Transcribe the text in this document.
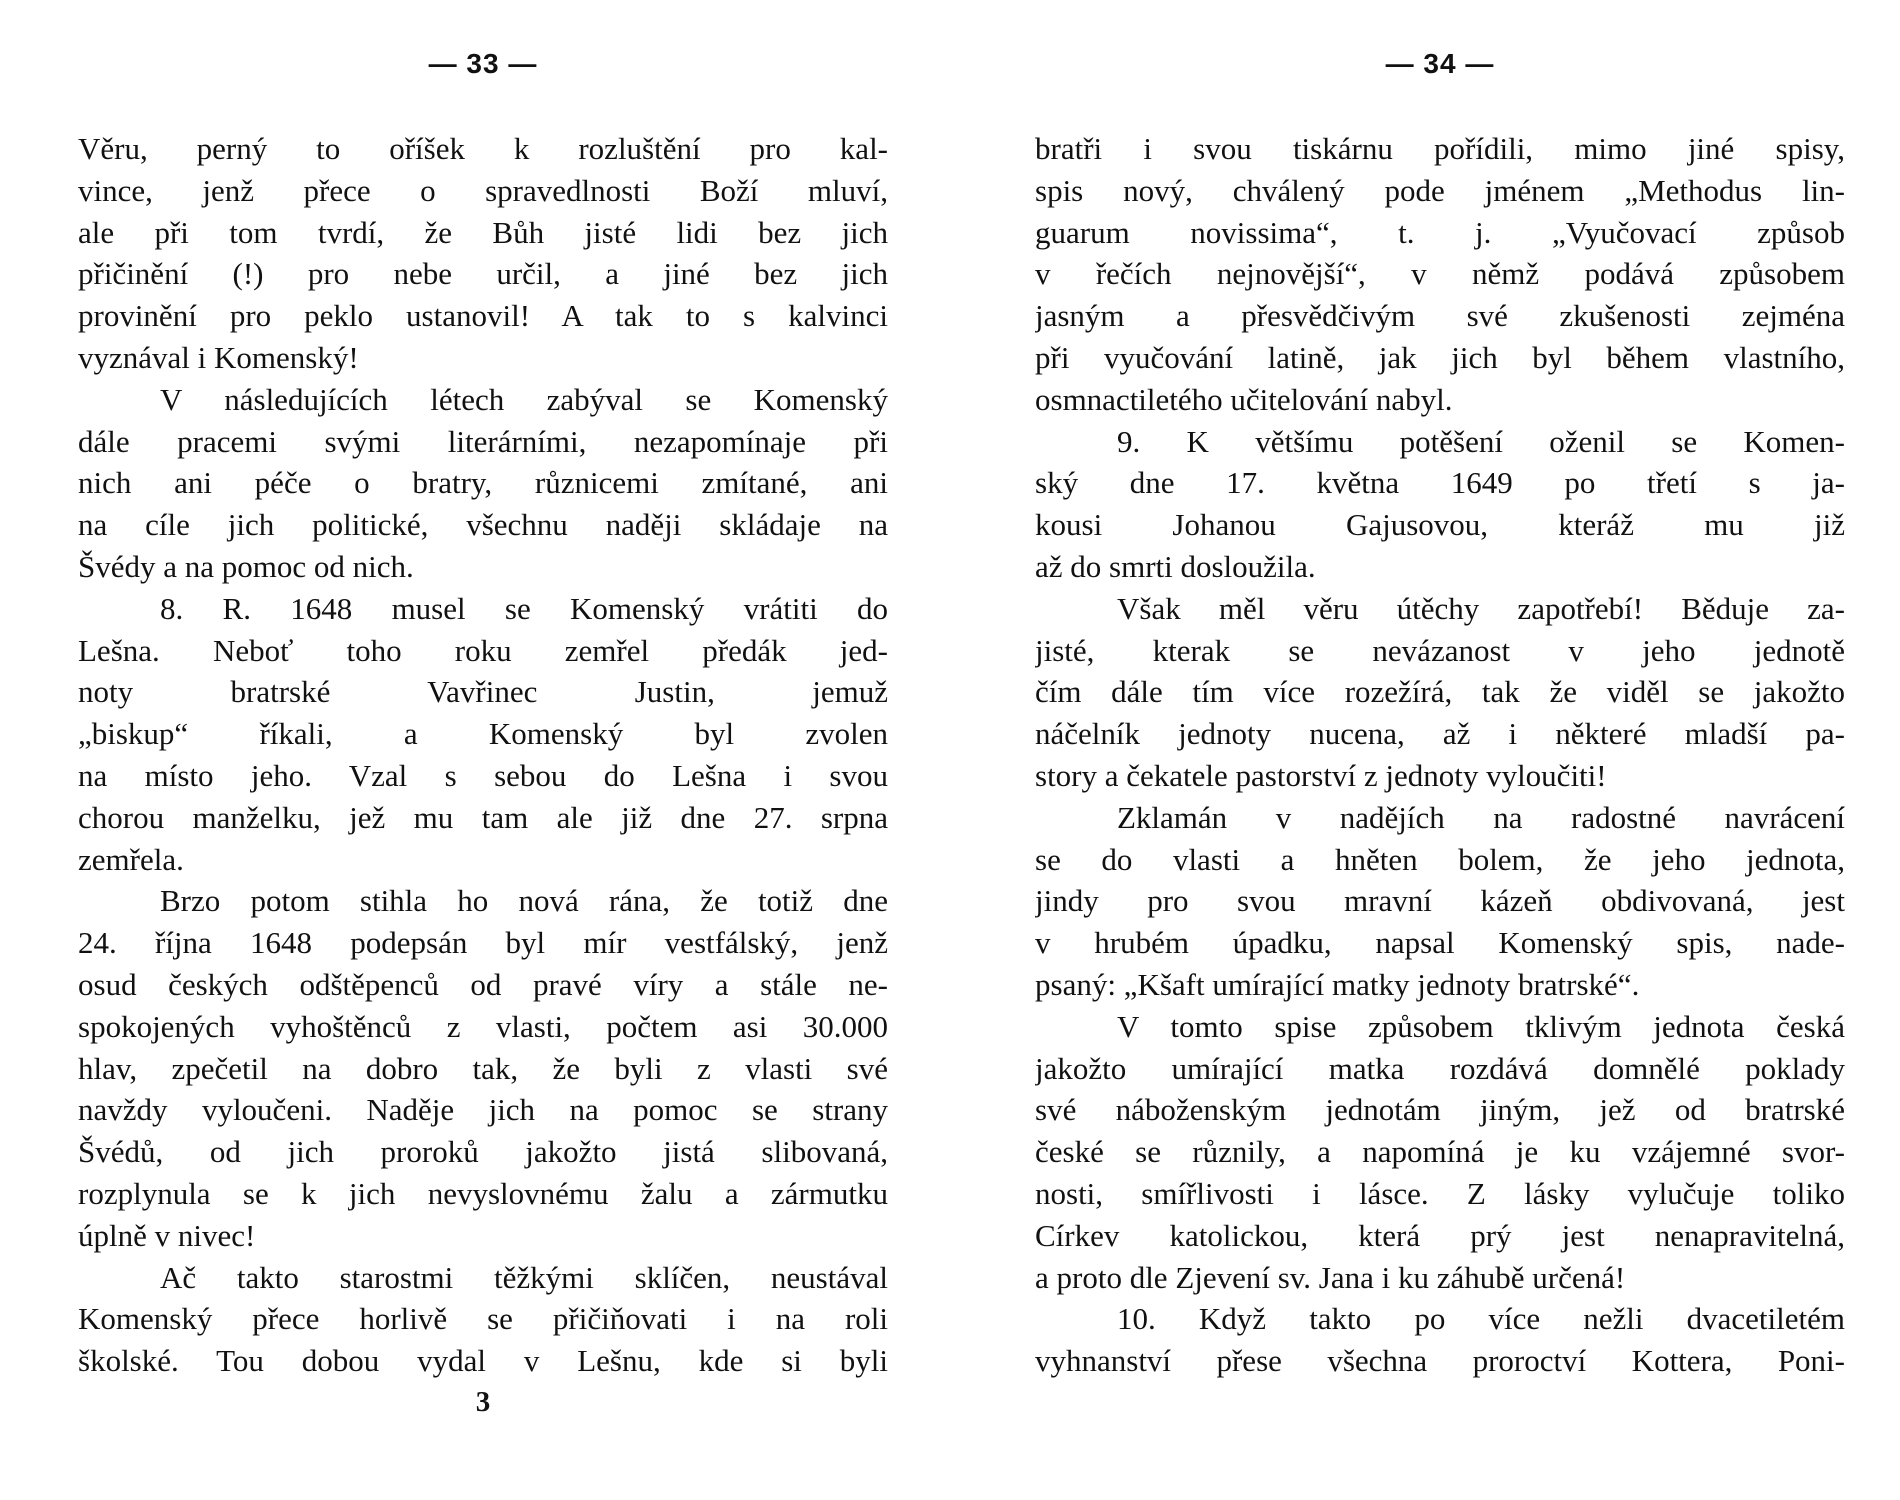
— 33 —
Věru, perný to oříšek k rozluštění pro kal-
vince, jenž přece o spravedlnosti Boží mluví,
ale při tom tvrdí, že Bůh jisté lidi bez jich
přičinění (!) pro nebe určil, a jiné bez jich
provinění pro peklo ustanovil! A tak to s kalvinci
vyznával i Komenský!
V následujících létech zabýval se Komenský
dále pracemi svými literárními, nezapomínaje při
nich ani péče o bratry, různicemi zmítané, ani
na cíle jich politické, všechnu naději skládaje na
Švédy a na pomoc od nich.
8. R. 1648 musel se Komenský vrátiti do
Lešna. Neboť toho roku zemřel předák jed-
noty bratrské Vavřinec Justin, jemuž
„biskup“ říkali, a Komenský byl zvolen
na místo jeho. Vzal s sebou do Lešna i svou
chorou manželku, jež mu tam ale již dne 27. srpna
zemřela.
Brzo potom stihla ho nová rána, že totiž dne
24. října 1648 podepsán byl mír vestfálský, jenž
osud českých odštěpenců od pravé víry a stále ne-
spokojených vyhoštěnců z vlasti, počtem asi 30.000
hlav, zpečetil na dobro tak, že byli z vlasti své
navždy vyloučeni. Naděje jich na pomoc se strany
Švédů, od jich proroků jakožto jistá slibovaná,
rozplynula se k jich nevyslovnému žalu a zármutku
úplně v nivec!
Ač takto starostmi těžkými sklíčen, neustával
Komenský přece horlivě se přičiňovati i na roli
školské. Tou dobou vydal v Lešnu, kde si byli
3
— 34 —
bratři i svou tiskárnu pořídili, mimo jiné spisy,
spis nový, chválený pode jménem „Methodus lin-
guarum novissima“, t. j. „Vyučovací způsob
v řečích nejnovější“, v němž podává způsobem
jasným a přesvědčivým své zkušenosti zejména
při vyučování latině, jak jich byl během vlastního,
osmnactiletého učitelování nabyl.
9. K většímu potěšení oženil se Komen-
ský dne 17. května 1649 po třetí s ja-
kousi Johanou Gajusovou, kteráž mu již
až do smrti dosloužila.
Však měl věru útěchy zapotřebí! Běduje za-
jisté, kterak se nevázanost v jeho jednotě
čím dále tím více rozežírá, tak že viděl se jakožto
náčelník jednoty nucena, až i některé mladší pa-
story a čekatele pastorství z jednoty vyloučiti!
Zklamán v nadějích na radostné navrácení
se do vlasti a hněten bolem, že jeho jednota,
jindy pro svou mravní kázeň obdivovaná, jest
v hrubém úpadku, napsal Komenský spis, nade-
psaný: „Kšaft umírající matky jednoty bratrské“.
V tomto spise způsobem tklivým jednota česká
jakožto umírající matka rozdává domnělé poklady
své náboženským jednotám jiným, jež od bratrské
české se různily, a napomíná je ku vzájemné svor-
nosti, smířlivosti i lásce. Z lásky vylučuje toliko
Církev katolickou, která prý jest nenapravitelná,
a proto dle Zjevení sv. Jana i ku záhubě určená!
10. Když takto po více nežli dvacetiletém
vyhnanství přese všechna proroctví Kottera, Poni-
